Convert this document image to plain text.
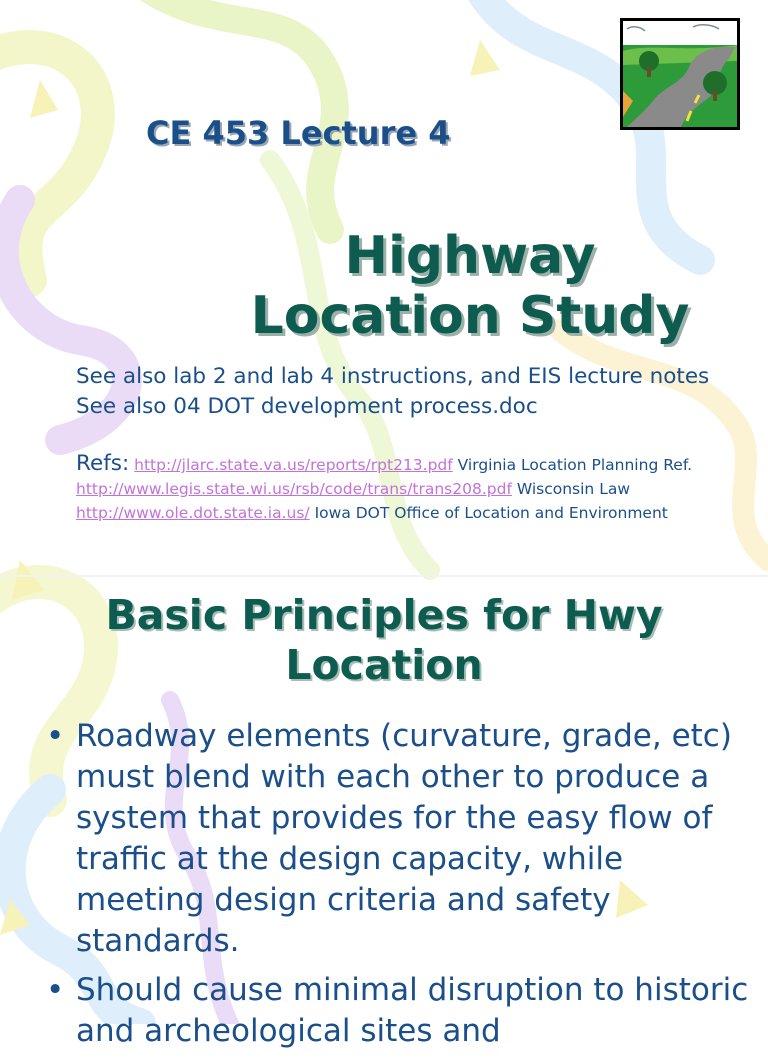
CE 453 Lecture 4
Highway
Location Study
See also lab 2 and lab 4 instructions, and EIS lecture notes
See also 04 DOT development process.doc
Refs: http://jlarc.state.va.us/reports/rpt213.pdf Virginia Location Planning Ref.
http://www.legis.state.wi.us/rsb/code/trans/trans208.pdf Wisconsin Law
http://www.ole.dot.state.ia.us/ Iowa DOT Office of Location and Environment
Basic Principles for Hwy
Location
• Roadway elements (curvature, grade, etc) must blend with each other to produce a system that provides for the easy flow of traffic at the design capacity, while meeting design criteria and safety standards.
• Should cause minimal disruption to historic and archeological sites and
